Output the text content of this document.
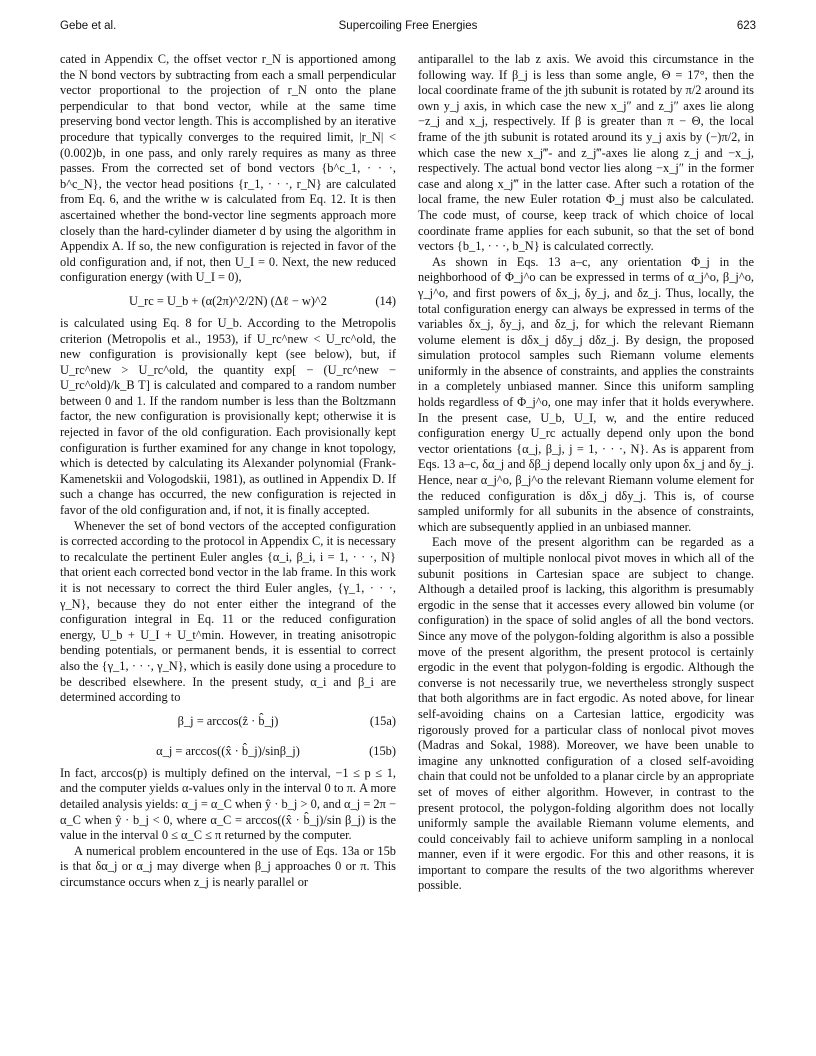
Gebe et al.	Supercoiling Free Energies	623

cated in Appendix C, the offset vector r_N is apportioned among the N bond vectors by subtracting from each a small perpendicular vector proportional to the projection of r_N onto the plane perpendicular to that bond vector, while at the same time preserving bond vector length. This is accomplished by an iterative procedure that typically converges to the required limit, |r_N| < (0.002)b, in one pass, and only rarely requires as many as three passes. From the corrected set of bond vectors {b^c_1, · · ·, b^c_N}, the vector head positions {r_1, · · ·, r_N} are calculated from Eq. 6, and the writhe w is calculated from Eq. 12. It is then ascertained whether the bond-vector line segments approach more closely than the hard-cylinder diameter d by using the algorithm in Appendix A. If so, the new configuration is rejected in favor of the old configuration and, if not, then U_I = 0. Next, the new reduced configuration energy (with U_I = 0),

U_rc = U_b + (α(2π)^2/2N) (Δℓ − w)^2	(14)

is calculated using Eq. 8 for U_b. According to the Metropolis criterion (Metropolis et al., 1953), if U_rc^new < U_rc^old, the new configuration is provisionally kept (see below), but, if U_rc^new > U_rc^old, the quantity exp[ − (U_rc^new − U_rc^old)/k_B T] is calculated and compared to a random number between 0 and 1. If the random number is less than the Boltzmann factor, the new configuration is provisionally kept; otherwise it is rejected in favor of the old configuration. Each provisionally kept configuration is further examined for any change in knot topology, which is detected by calculating its Alexander polynomial (Frank-Kamenetskii and Vologodskii, 1981), as outlined in Appendix D. If such a change has occurred, the new configuration is rejected in favor of the old configuration and, if not, it is finally accepted.

Whenever the set of bond vectors of the accepted configuration is corrected according to the protocol in Appendix C, it is necessary to recalculate the pertinent Euler angles {α_i, β_i, i = 1, · · ·, N} that orient each corrected bond vector in the lab frame. In this work it is not necessary to correct the third Euler angles, {γ_1, · · ·, γ_N}, because they do not enter either the integrand of the configuration integral in Eq. 11 or the reduced configuration energy, U_b + U_I + U_t^min. However, in treating anisotropic bending potentials, or permanent bends, it is essential to correct also the {γ_1, · · ·, γ_N}, which is easily done using a procedure to be described elsewhere. In the present study, α_i and β_i are determined according to

β_j = arccos(ẑ · b̂_j)	(15a)
α_j = arccos((x̂ · b̂_j)/sinβ_j)	(15b)

In fact, arccos(p) is multiply defined on the interval, −1 ≤ p ≤ 1, and the computer yields α-values only in the interval 0 to π. A more detailed analysis yields: α_j = α_C when ŷ · b_j > 0, and α_j = 2π − α_C when ŷ · b_j < 0, where α_C = arccos((x̂ · b̂_j)/sin β_j) is the value in the interval 0 ≤ α_C ≤ π returned by the computer.

A numerical problem encountered in the use of Eqs. 13a or 15b is that δα_j or α_j may diverge when β_j approaches 0 or π. This circumstance occurs when z_j is nearly parallel or

antiparallel to the lab z axis. We avoid this circumstance in the following way. If β_j is less than some angle, Θ = 17°, then the local coordinate frame of the jth subunit is rotated by π/2 around its own y_j axis, in which case the new x_j″ and z_j″ axes lie along −z_j and x_j, respectively. If β is greater than π − Θ, the local frame of the jth subunit is rotated around its y_j axis by (−)π/2, in which case the new x_j‴- and z_j‴-axes lie along z_j and −x_j, respectively. The actual bond vector lies along −x_j″ in the former case and along x_j‴ in the latter case. After such a rotation of the local frame, the new Euler rotation Φ_j must also be calculated. The code must, of course, keep track of which choice of local coordinate frame applies for each subunit, so that the set of bond vectors {b_1, · · ·, b_N} is calculated correctly.

As shown in Eqs. 13 a–c, any orientation Φ_j in the neighborhood of Φ_j^o can be expressed in terms of α_j^o, β_j^o, γ_j^o, and first powers of δx_j, δy_j, and δz_j. Thus, locally, the total configuration energy can always be expressed in terms of the variables δx_j, δy_j, and δz_j, for which the relevant Riemann volume element is dδx_j dδy_j dδz_j. By design, the proposed simulation protocol samples such Riemann volume elements uniformly in the absence of constraints, and applies the constraints in a completely unbiased manner. Since this uniform sampling holds regardless of Φ_j^o, one may infer that it holds everywhere. In the present case, U_b, U_I, w, and the entire reduced configuration energy U_rc actually depend only upon the bond vector orientations {α_j, β_j, j = 1, · · ·, N}. As is apparent from Eqs. 13 a–c, δα_j and δβ_j depend locally only upon δx_j and δy_j. Hence, near α_j^o, β_j^o the relevant Riemann volume element for the reduced configuration is dδx_j dδy_j. This is, of course sampled uniformly for all subunits in the absence of constraints, which are subsequently applied in an unbiased manner.

Each move of the present algorithm can be regarded as a superposition of multiple nonlocal pivot moves in which all of the subunit positions in Cartesian space are subject to change. Although a detailed proof is lacking, this algorithm is presumably ergodic in the sense that it accesses every allowed bin volume (or configuration) in the space of solid angles of all the bond vectors. Since any move of the polygon-folding algorithm is also a possible move of the present algorithm, the present protocol is certainly ergodic in the event that polygon-folding is ergodic. Although the converse is not necessarily true, we nevertheless strongly suspect that both algorithms are in fact ergodic. As noted above, for linear self-avoiding chains on a Cartesian lattice, ergodicity was rigorously proved for a particular class of nonlocal pivot moves (Madras and Sokal, 1988). Moreover, we have been unable to imagine any unknotted configuration of a closed self-avoiding chain that could not be unfolded to a planar circle by an appropriate set of moves of either algorithm. However, in contrast to the present protocol, the polygon-folding algorithm does not locally uniformly sample the available Riemann volume elements, and could conceivably fail to achieve uniform sampling in a nonlocal manner, even if it were ergodic. For this and other reasons, it is important to compare the results of the two algorithms wherever possible.
